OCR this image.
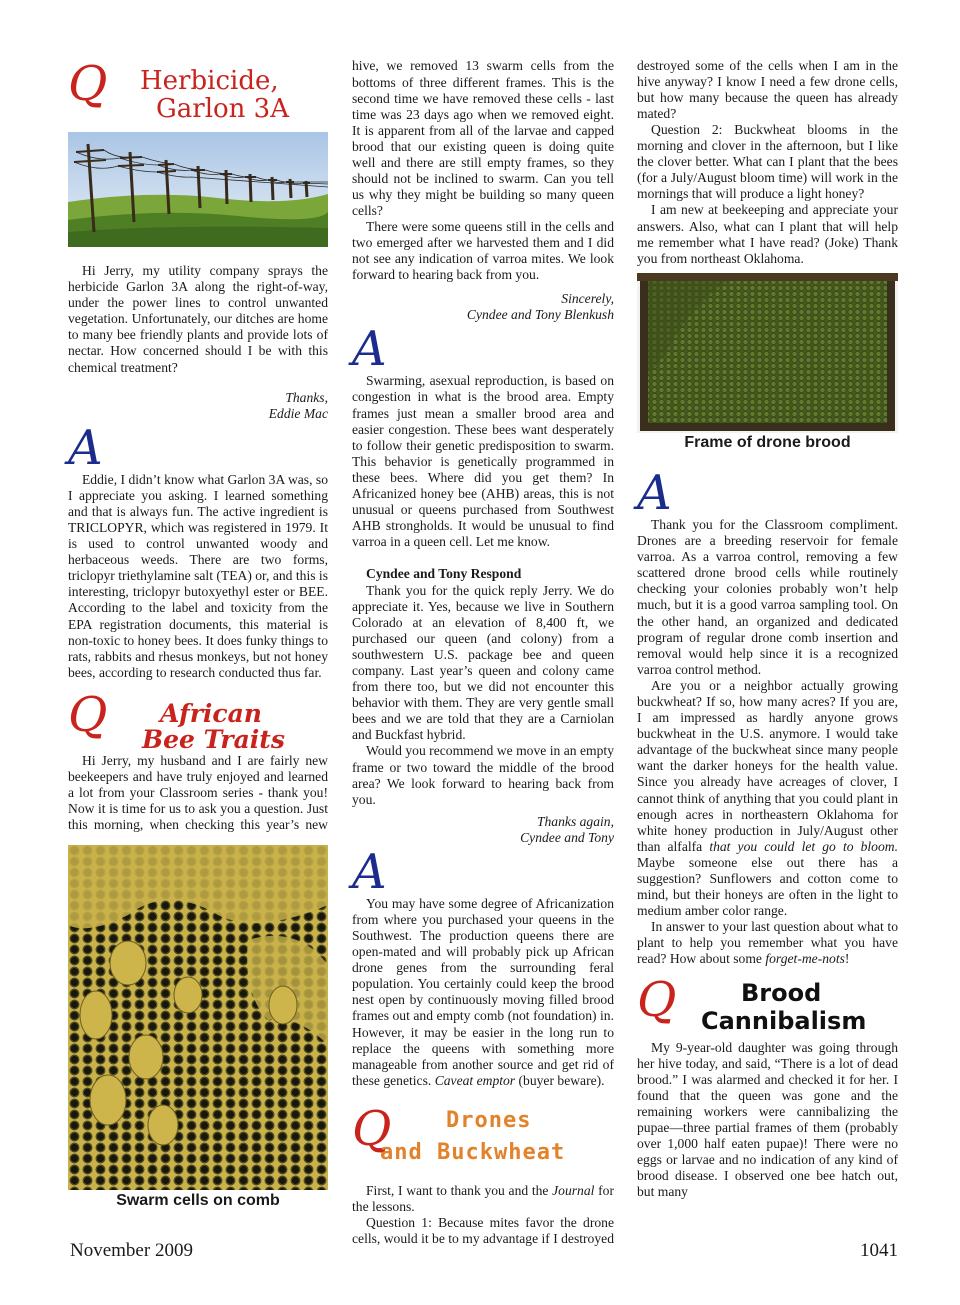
Q Herbicide,
Garlon 3A

Hi Jerry, my utility company sprays the herbicide Garlon 3A along the right-of-way, under the power lines to control unwanted vegetation. Unfortunately, our ditches are home to many bee friendly plants and provide lots of nectar. How concerned should I be with this chemical treatment?

Thanks,
Eddie Mac
A

Eddie, I didn’t know what Garlon 3A was, so I appreciate you asking. I learned something and that is always fun. The active ingredient is TRICLOPYR, which was registered in 1979. It is used to control unwanted woody and herbaceous weeds. There are two forms, triclopyr triethylamine salt (TEA) or, and this is interesting, triclopyr butoxyethyl ester or BEE. According to the label and toxicity from the EPA registration documents, this material is non-toxic to honey bees. It does funky things to rats, rabbits and rhesus monkeys, but not honey bees, according to research conducted thus far.

Q African
Bee Traits

Hi Jerry, my husband and I are fairly new beekeepers and have truly enjoyed and learned a lot from your Classroom series - thank you! Now it is time for us to ask you a question. Just this morning, when checking this year’s new

Swarm cells on comb

hive, we removed 13 swarm cells from the bottoms of three different frames. This is the second time we have removed these cells - last time was 23 days ago when we removed eight. It is apparent from all of the larvae and capped brood that our existing queen is doing quite well and there are still empty frames, so they should not be inclined to swarm. Can you tell us why they might be building so many queen cells?

There were some queens still in the cells and two emerged after we harvested them and I did not see any indication of varroa mites. We look forward to hearing back from you.

Sincerely,
Cyndee and Tony Blenkush
A

Swarming, asexual reproduction, is based on congestion in what is the brood area. Empty frames just mean a smaller brood area and easier congestion. These bees want desperately to follow their genetic predisposition to swarm. This behavior is genetically programmed in these bees. Where did you get them? In Africanized honey bee (AHB) areas, this is not unusual or queens purchased from Southwest AHB strongholds. It would be unusual to find varroa in a queen cell. Let me know.

Cyndee and Tony Respond

Thank you for the quick reply Jerry. We do appreciate it. Yes, because we live in Southern Colorado at an elevation of 8,400 ft, we purchased our queen (and colony) from a southwestern U.S. package bee and queen company. Last year’s queen and colony came from there too, but we did not encounter this behavior with them. They are very gentle small bees and we are told that they are a Carniolan and Buckfast hybrid.

Would you recommend we move in an empty frame or two toward the middle of the brood area? We look forward to hearing back from you.

Thanks again,
Cyndee and Tony
A

You may have some degree of Africanization from where you purchased your queens in the Southwest. The production queens there are open-mated and will probably pick up African drone genes from the surrounding feral population. You certainly could keep the brood nest open by continuously moving filled brood frames out and empty comb (not foundation) in. However, it may be easier in the long run to replace the queens with something more manageable from another source and get rid of these genetics. Caveat emptor (buyer beware).

Q Drones
and Buckwheat

First, I want to thank you and the Journal for the lessons.

Question 1: Because mites favor the drone cells, would it be to my advantage if I destroyed

destroyed some of the cells when I am in the hive anyway? I know I need a few drone cells, but how many because the queen has already mated?

Question 2: Buckwheat blooms in the morning and clover in the afternoon, but I like the clover better. What can I plant that the bees (for a July/August bloom time) will work in the mornings that will produce a light honey?

I am new at beekeeping and appreciate your answers. Also, what can I plant that will help me remember what I have read? (Joke) Thank you from northeast Oklahoma.

Frame of drone brood
A

Thank you for the Classroom compliment. Drones are a breeding reservoir for female varroa. As a varroa control, removing a few scattered drone brood cells while routinely checking your colonies probably won’t help much, but it is a good varroa sampling tool. On the other hand, an organized and dedicated program of regular drone comb insertion and removal would help since it is a recognized varroa control method.

Are you or a neighbor actually growing buckwheat? If so, how many acres? If you are, I am impressed as hardly anyone grows buckwheat in the U.S. anymore. I would take advantage of the buckwheat since many people want the darker honeys for the health value. Since you already have acreages of clover, I cannot think of anything that you could plant in enough acres in northeastern Oklahoma for white honey production in July/August other than alfalfa that you could let go to bloom. Maybe someone else out there has a suggestion? Sunflowers and cotton come to mind, but their honeys are often in the light to medium amber color range.

In answer to your last question about what to plant to help you remember what you have read? How about some forget-me-nots!

Q	Brood
Cannibalism

My 9-year-old daughter was going through her hive today, and said, “There is a lot of dead brood.” I was alarmed and checked it for her. I found that the queen was gone and the remaining workers were cannibalizing the pupae—three partial frames of them (probably over 1,000 half eaten pupae)! There were no eggs or larvae and no indication of any kind of brood disease. I observed one bee hatch out, but many

November 2009	1041
